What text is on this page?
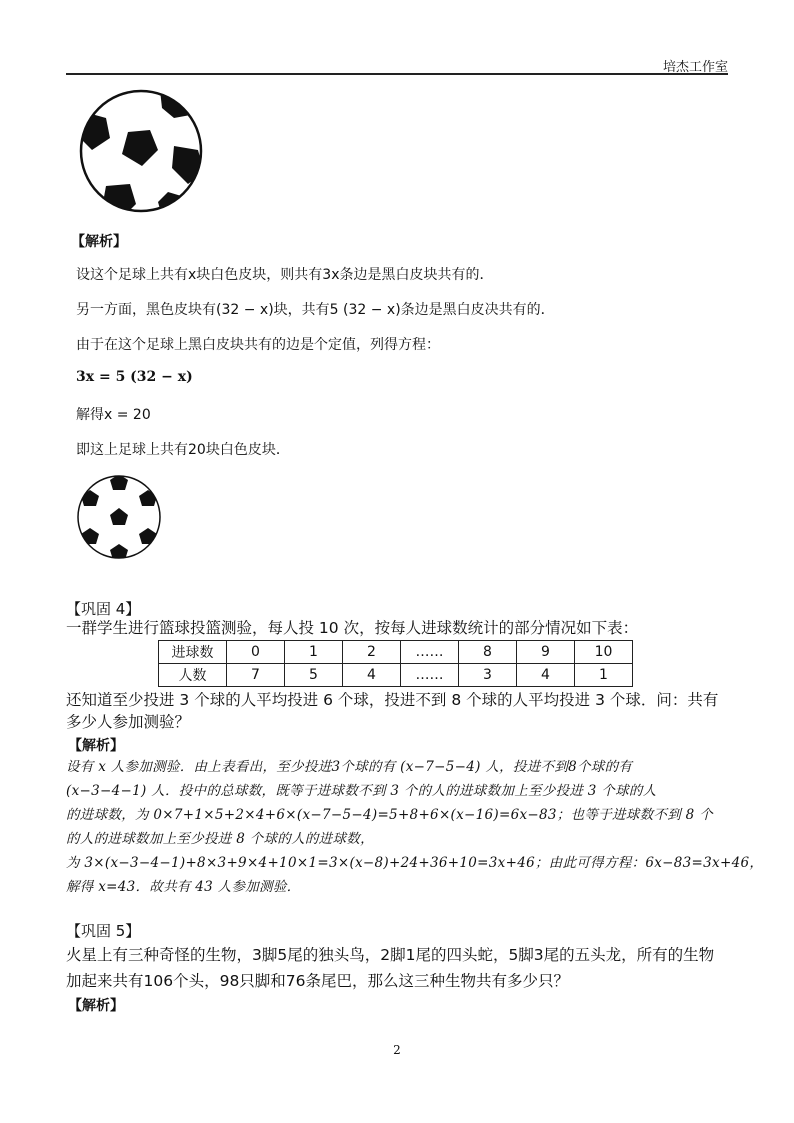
培杰工作室
【解析】
设这个足球上共有x块白色皮块，则共有3x条边是黑白皮块共有的．
另一方面，黑色皮块有(32 − x)块，共有5 (32 − x)条边是黑白皮决共有的．
由于在这个足球上黑白皮块共有的边是个定值，列得方程：
3x = 5 (32 − x)
解得x = 20
即这上足球上共有20块白色皮块．
【巩固 4】
一群学生进行篮球投篮测验，每人投 10 次，按每人进球数统计的部分情况如下表：
进球数	0	1	2	……	8	9	10
人数	7	5	4	……	3	4	1
还知道至少投进 3 个球的人平均投进 6 个球，投进不到 8 个球的人平均投进 3 个球．问：共有
多少人参加测验？
【解析】
设有 x 人参加测验．由上表看出，至少投进3个球的有 (x−7−5−4) 人，投进不到8个球的有
(x−3−4−1) 人．投中的总球数，既等于进球数不到 3 个的人的进球数加上至少投进 3 个球的人
的进球数，为 0×7+1×5+2×4+6×(x−7−5−4)=5+8+6×(x−16)=6x−83；也等于进球数不到 8 个
的人的进球数加上至少投进 8 个球的人的进球数，
为 3×(x−3−4−1)+8×3+9×4+10×1=3×(x−8)+24+36+10=3x+46；由此可得方程：6x−83=3x+46，
解得 x=43．故共有 43 人参加测验．
【巩固 5】
火星上有三种奇怪的生物，3脚5尾的独头鸟，2脚1尾的四头蛇，5脚3尾的五头龙，所有的生物
加起来共有106个头，98只脚和76条尾巴，那么这三种生物共有多少只？
【解析】
2
